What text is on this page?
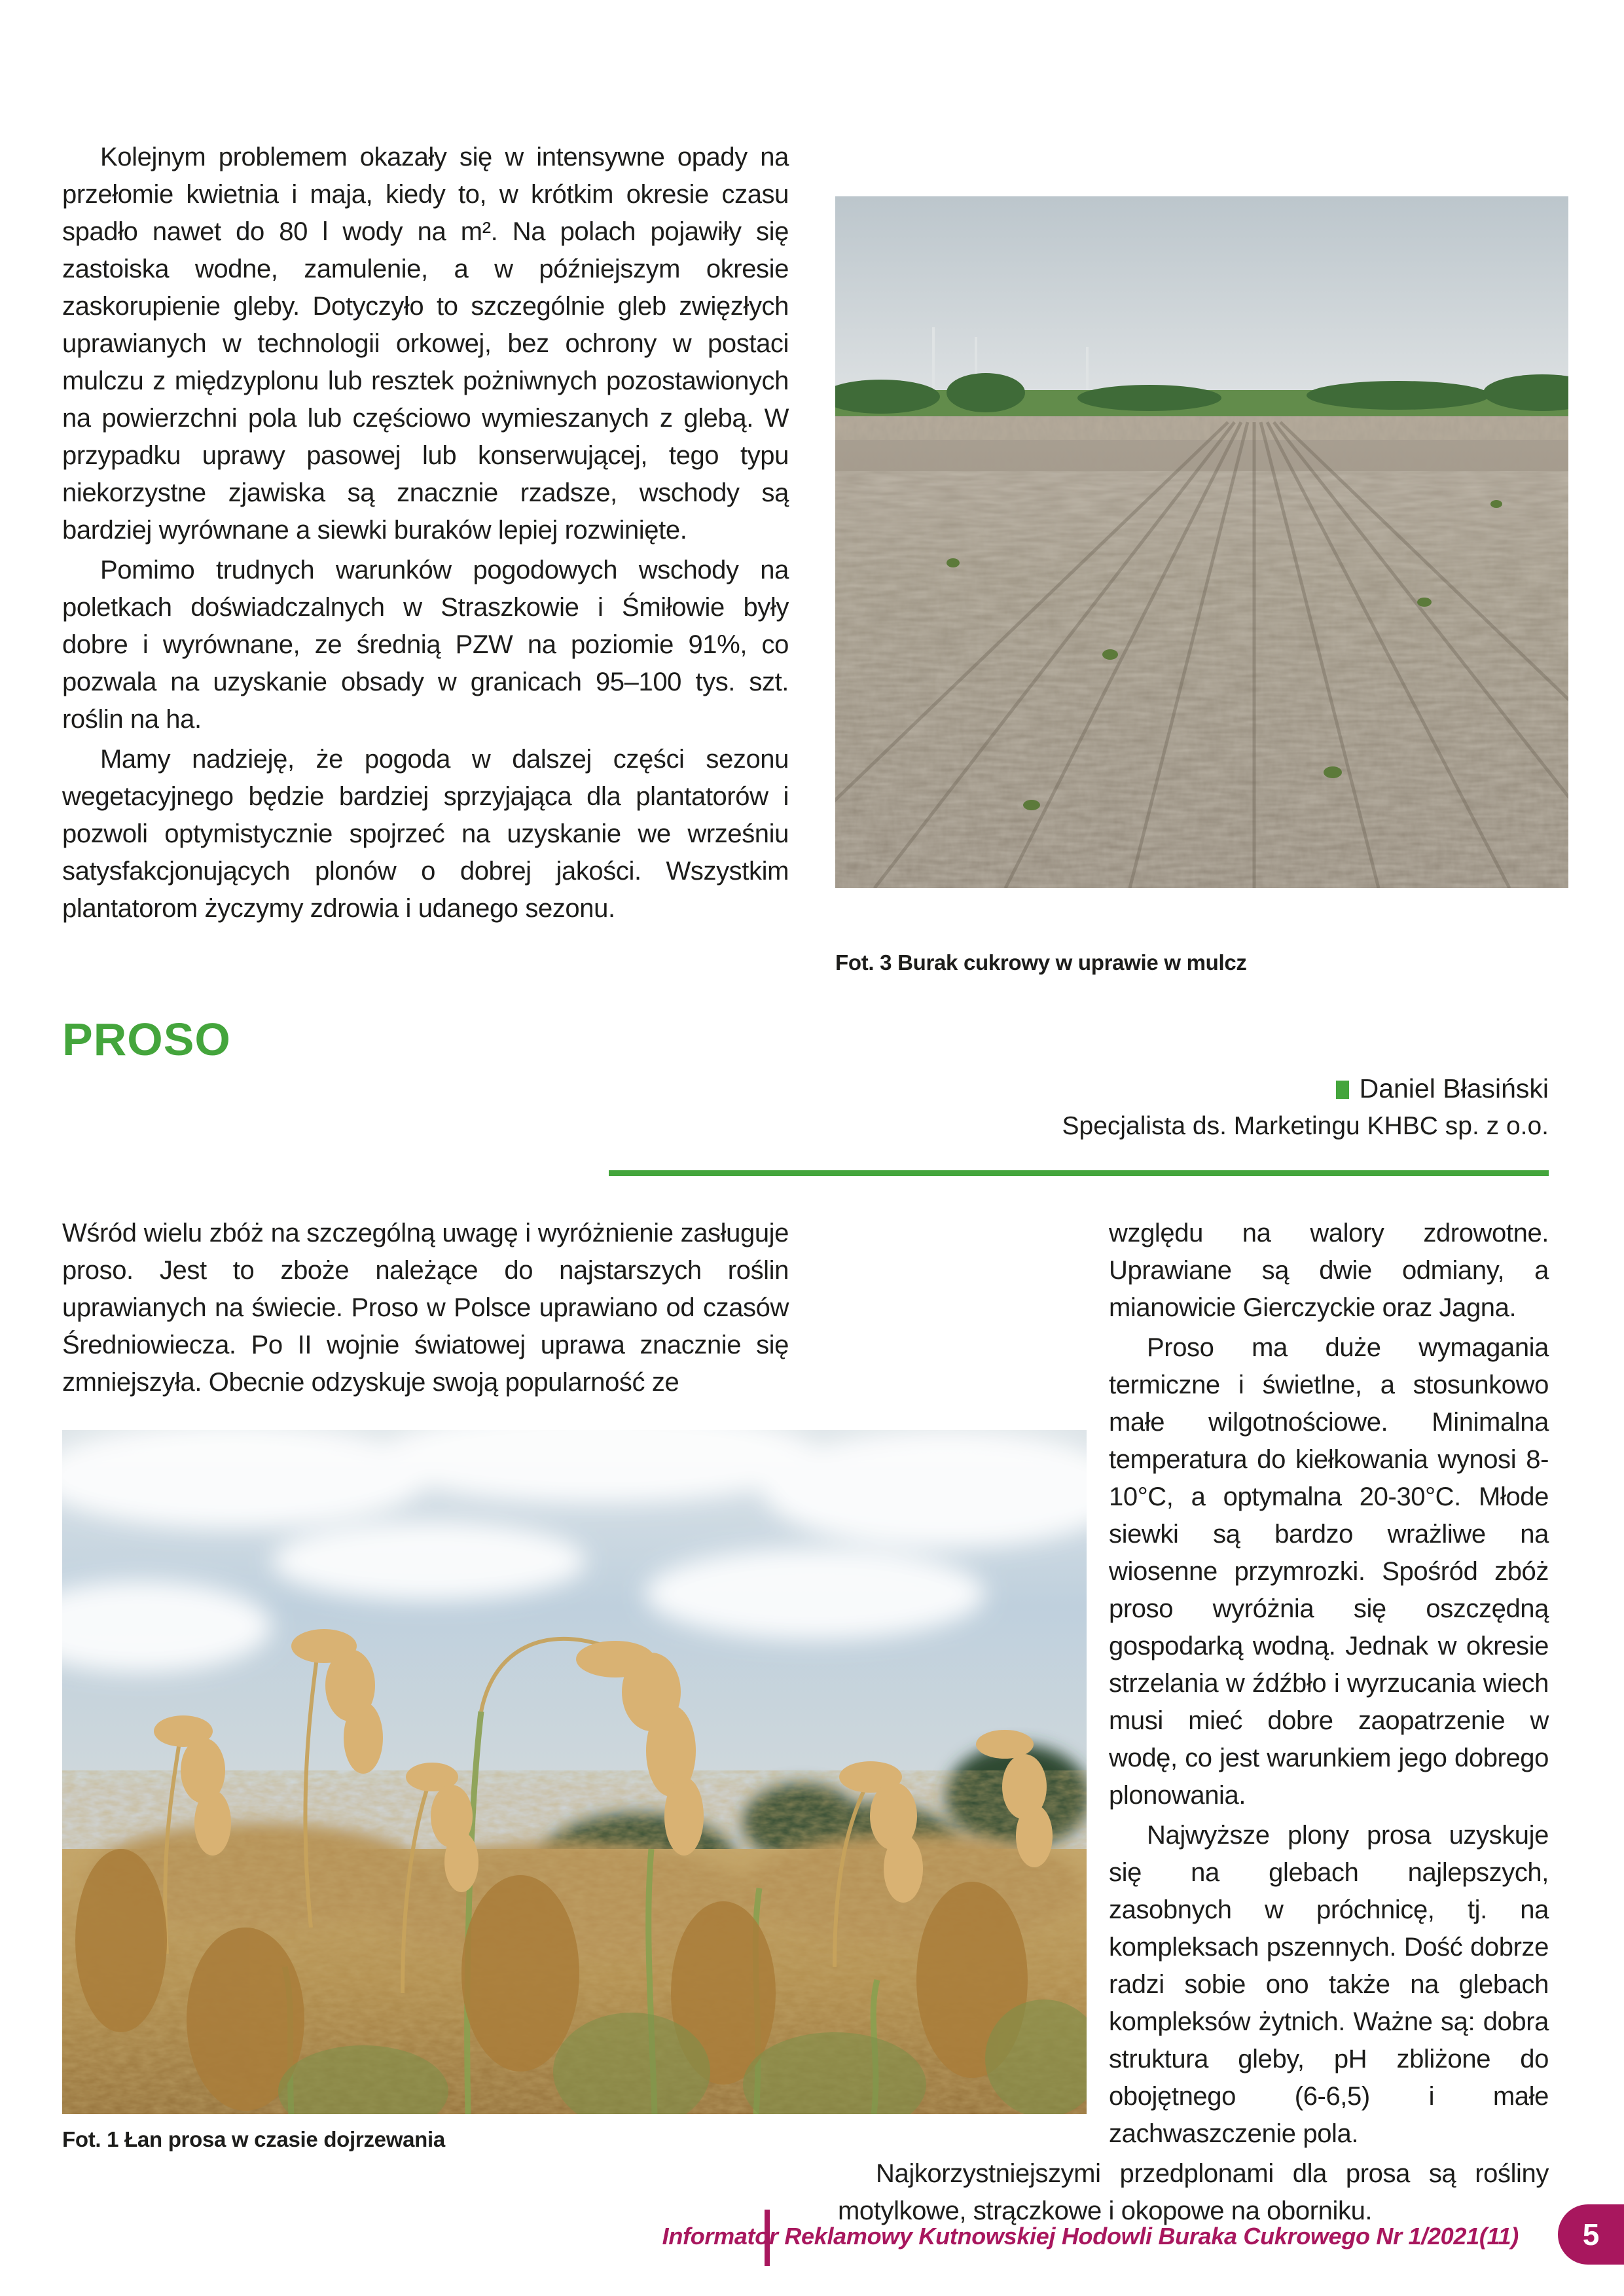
Kolejnym problemem okazały się w intensywne opady na przełomie kwietnia i maja, kiedy to, w krótkim okresie czasu spadło nawet do 80 l wody na m². Na polach pojawiły się zastoiska wodne, zamulenie, a w późniejszym okresie zaskorupienie gleby. Dotyczyło to szczególnie gleb zwięzłych uprawianych w technologii orkowej, bez ochrony w postaci mulczu z międzyplonu lub resztek pożniwnych pozostawionych na powierzchni pola lub częściowo wymieszanych z glebą. W przypadku uprawy pasowej lub konserwującej, tego typu niekorzystne zjawiska są znacznie rzadsze, wschody są bardziej wyrównane a siewki buraków lepiej rozwinięte.

Pomimo trudnych warunków pogodowych wschody na poletkach doświadczalnych w Straszkowie i Śmiłowie były dobre i wyrównane, ze średnią PZW na poziomie 91%, co pozwala na uzyskanie obsady w granicach 95–100 tys. szt. roślin na ha.

Mamy nadzieję, że pogoda w dalszej części sezonu wegetacyjnego będzie bardziej sprzyjająca dla plantatorów i pozwoli optymistycznie spojrzeć na uzyskanie we wrześniu satysfakcjonujących plonów o dobrej jakości. Wszystkim plantatorom życzymy zdrowia i udanego sezonu.

Fot. 3 Burak cukrowy w uprawie w mulcz
PROSO
Daniel Błasiński
Specjalista ds. Marketingu KHBC sp. z o.o.

Wśród wielu zbóż na szczególną uwagę i wyróżnienie zasługuje proso. Jest to zboże należące do najstarszych roślin uprawianych na świecie. Proso w Polsce uprawiano od czasów Średniowiecza. Po II wojnie światowej uprawa znacznie się zmniejszyła. Obecnie odzyskuje swoją popularność ze

względu na walory zdrowotne. Uprawiane są dwie odmiany, a mianowicie Gierczyckie oraz Jagna.

Proso ma duże wymagania termiczne i świetlne, a stosunkowo małe wilgotnościowe. Minimalna temperatura do kiełkowania wynosi 8-10°C, a optymalna 20-30°C. Młode siewki są bardzo wrażliwe na wiosenne przymrozki. Spośród zbóż proso wyróżnia się oszczędną gospodarką wodną. Jednak w okresie strzelania w źdźbło i wyrzucania wiech musi mieć dobre zaopatrzenie w wodę, co jest warunkiem jego dobrego plonowania.

Najwyższe plony prosa uzyskuje się na glebach najlepszych, zasobnych w próchnicę, tj. na kompleksach pszennych. Dość dobrze radzi sobie ono także na glebach kompleksów żytnich. Ważne są: dobra struktura gleby, pH zbliżone do obojętnego (6-6,5) i małe zachwaszczenie pola.

Najkorzystniejszymi przedplonami dla prosa są rośliny motylkowe, strączkowe i okopowe na oborniku.

Fot. 1 Łan prosa w czasie dojrzewania
Informator Reklamowy Kutnowskiej Hodowli Buraka Cukrowego Nr 1/2021(11)	5
